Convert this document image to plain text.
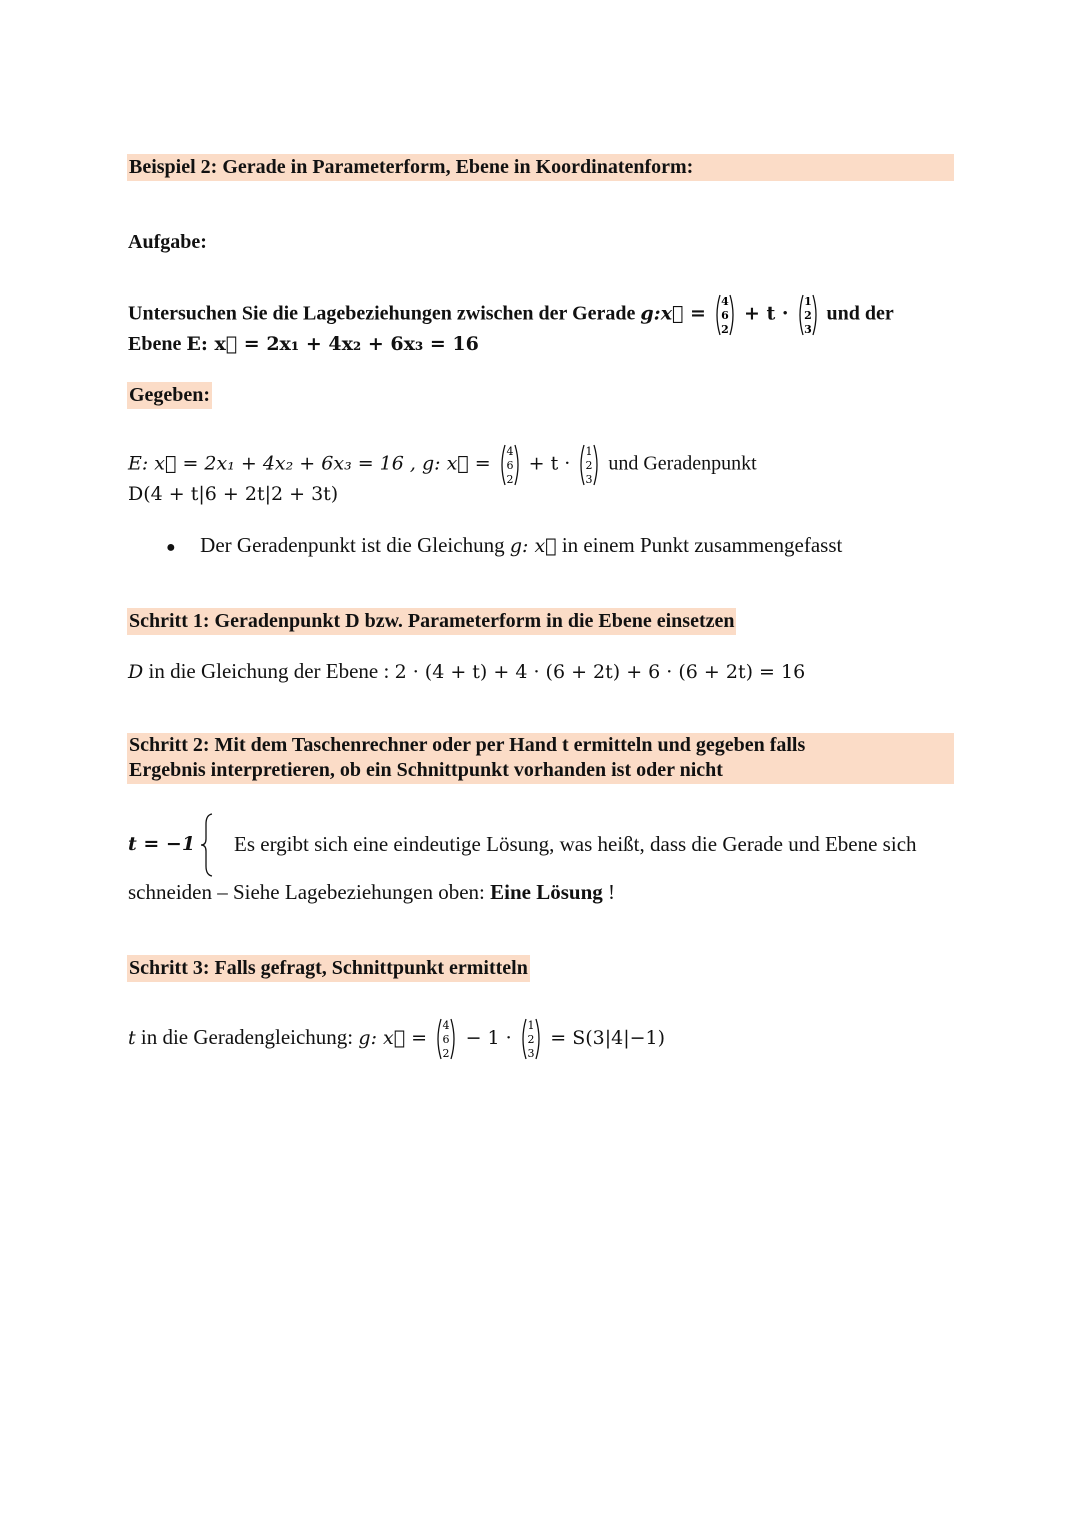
Beispiel 2: Gerade in Parameterform, Ebene in Koordinatenform:
Aufgabe:
Untersuchen Sie die Lagebeziehungen zwischen der Gerade g:x⃗ =
4
6
2
+ t ·
1
2
3
und der
Ebene E: x⃗ = 2x₁ + 4x₂ + 6x₃ = 16
Gegeben:
E: x⃗ = 2x₁ + 4x₂ + 6x₃ = 16 , g: x⃗ =
4
6
2
+ t ·
1
2
3
und Geradenpunkt
D(4 + t|6 + 2t|2 + 3t)
● Der Geradenpunkt ist die Gleichung g: x⃗ in einem Punkt zusammengefasst
Schritt 1: Geradenpunkt D bzw. Parameterform in die Ebene einsetzen
D in die Gleichung der Ebene : 2 · (4 + t) + 4 · (6 + 2t) + 6 · (6 + 2t) = 16
Schritt 2: Mit dem Taschenrechner oder per Hand t ermitteln und gegeben falls
Ergebnis interpretieren, ob ein Schnittpunkt vorhanden ist oder nicht
t = −1 Es ergibt sich eine eindeutige Lösung, was heißt, dass die Gerade und Ebene sich
schneiden – Siehe Lagebeziehungen oben: Eine Lösung !
Schritt 3: Falls gefragt, Schnittpunkt ermitteln
t in die Geradengleichung: g: x⃗ =
4
6
2
− 1 ·
1
2
3
= S(3|4|−1)
